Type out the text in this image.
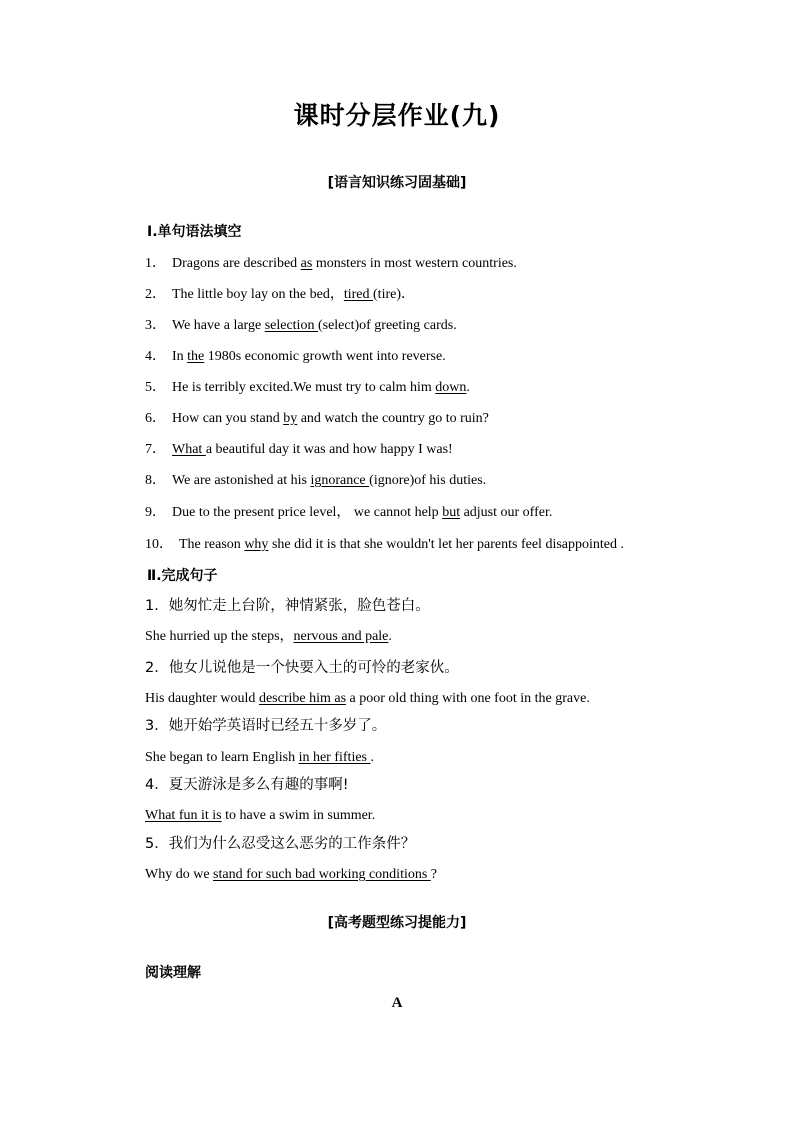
课时分层作业(九)
[语言知识练习固基础]
Ⅰ.单句语法填空
1． Dragons are described as monsters in most western countries.
2． The little boy lay on the bed，tired (tire)．
3． We have a large selection (select)of greeting cards.
4． In the 1980s economic growth went into reverse.
5． He is terribly excited.We must try to calm him down.
6． How can you stand by and watch the country go to ruin?
7． What a beautiful day it was and how happy I was!
8． We are astonished at his ignorance (ignore)of his duties.
9． Due to the present price level， we cannot help but adjust our offer.
10． The reason why she did it is that she wouldn't let her parents feel disappointed .
Ⅱ.完成句子
1．她匆忙走上台阶，神情紧张，脸色苍白。
She hurried up the steps，nervous and pale.
2．他女儿说他是一个快要入土的可怜的老家伙。
His daughter would describe him as a poor old thing with one foot in the grave.
3．她开始学英语时已经五十多岁了。
She began to learn English in her fifties .
4．夏天游泳是多么有趣的事啊!
What fun it is to have a swim in summer.
5．我们为什么忍受这么恶劣的工作条件？
Why do we stand for such bad working conditions ?
[高考题型练习提能力]
阅读理解
A
